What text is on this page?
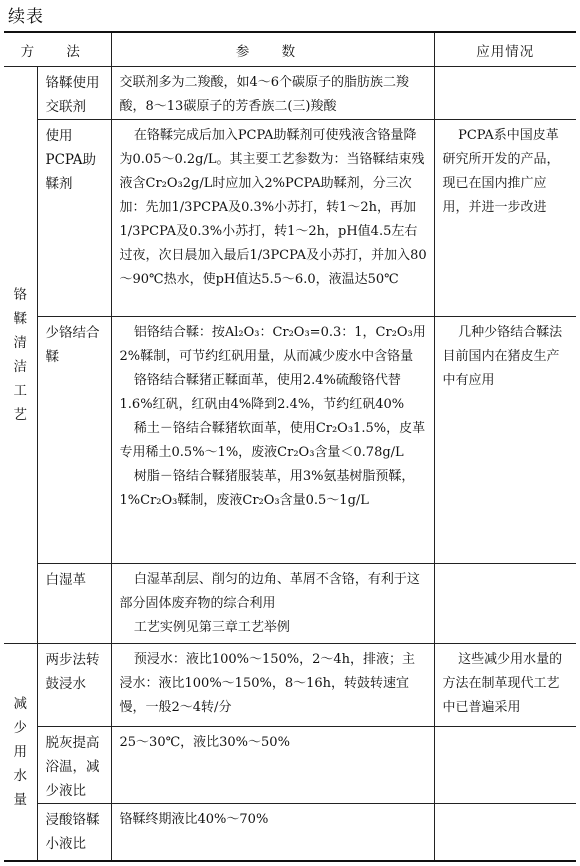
续表
方 法		参 数	应用情况
铬鞣清洁工艺	铬鞣使用交联剂	交联剂多为二羧酸，如4～6个碳原子的脂肪族二羧酸，8～13碳原子的芳香族二(三)羧酸	

	使用PCPA助鞣剂	在铬鞣完成后加入PCPA助鞣剂可使残液含铬量降为0.05～0.2g/L。其主要工艺参数为：当铬鞣结束残液含Cr₂O₃2g/L时应加入2%PCPA助鞣剂，分三次加：先加1/3PCPA及0.3%小苏打，转1～2h，再加1/3PCPA及0.3%小苏打，转1～2h，pH值4.5左右过夜，次日晨加入最后1/3PCPA及小苏打，并加入80～90℃热水，使pH值达5.5～6.0，液温达50℃	PCPA系中国皮革研究所开发的产品，现已在国内推广应用，并进一步改进
	少铬结合鞣	铝铬结合鞣：按Al₂O₃：Cr₂O₃=0.3：1，Cr₂O₃用2%鞣制，可节约红矾用量，从而减少废水中含铬量

铬铬结合鞣猪正鞣面革，使用2.4%硫酸铬代替1.6%红矾，红矾由4%降到2.4%，节约红矾40%

稀土－铬结合鞣猪软面革，使用Cr₂O₃1.5%，皮革专用稀土0.5%～1%，废液Cr₂O₃含量＜0.78g/L

树脂－铬结合鞣猪服装革，用3%氨基树脂预鞣，1%Cr₂O₃鞣制，废液Cr₂O₃含量0.5～1g/L	几种少铬结合鞣法目前国内在猪皮生产中有应用
	白湿革	白湿革刮层、削匀的边角、革屑不含铬，有利于这部分固体废弃物的综合利用

工艺实例见第三章工艺举例	

减少用水量	两步法转鼓浸水	预浸水：液比100%～150%，2～4h，排液；主浸水：液比100%～150%，8～16h，转鼓转速宜慢，一般2～4转/分	这些减少用水量的方法在制革现代工艺中已普遍采用
	脱灰提高浴温，减少液比	25～30℃，液比30%～50%	

	浸酸铬鞣小液比	铬鞣终期液比40%～70%	
